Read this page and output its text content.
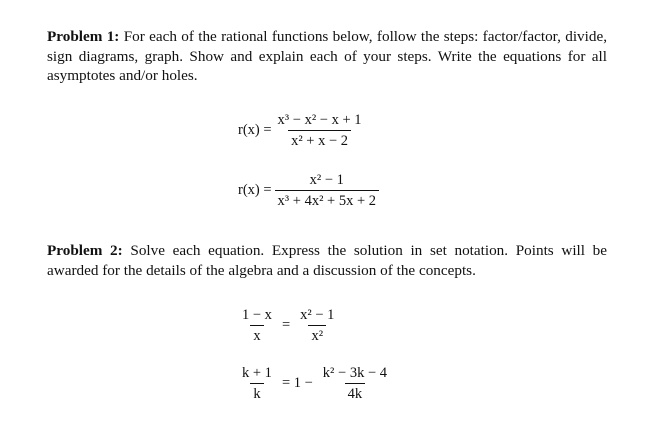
Problem 1: For each of the rational functions below, follow the steps: factor/factor, divide, sign diagrams, graph. Show and explain each of your steps. Write the equations for all asymptotes and/or holes.
$r(x) = \frac{\text{x³ − x² − x + 1}}{\text{x² + x − 2}}$
$r(x) = \frac{\text{x² − 1}}{\text{x³ + 4x² + 5x + 2}}$
Problem 2: Solve each equation. Express the solution in set notation. Points will be awarded for the details of the algebra and a discussion of the concepts.
$\frac{1 - x}{x} = \frac{\text{x² − 1}}{\text{x²}}$
$\frac{k + 1}{k} = 1 - \frac{\text{k² − 3k − 4}}{4k}$
